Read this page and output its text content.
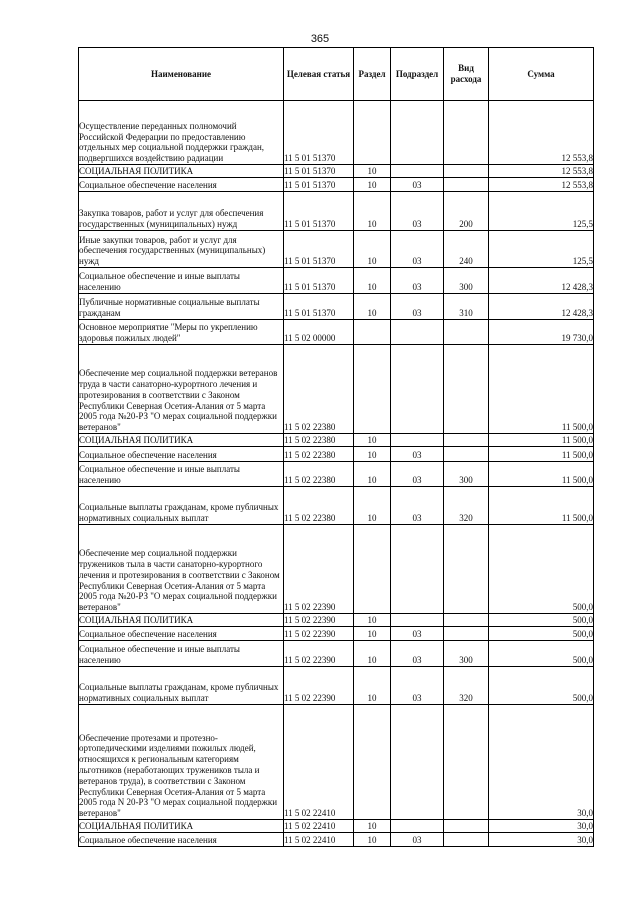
365
Наименование	Целевая статья	Раздел	Подраздел	Вид расхода	Сумма
Осуществление переданных полномочий Российской Федерации по предоставлению отдельных мер социальной поддержки граждан, подвергшихся воздействию радиации	11 5 01 51370				12 553,8
СОЦИАЛЬНАЯ ПОЛИТИКА	11 5 01 51370	10			12 553,8
Социальное обеспечение населения	11 5 01 51370	10	03		12 553,8
Закупка товаров, работ и услуг для обеспечения государственных (муниципальных) нужд	11 5 01 51370	10	03	200	125,5
Иные закупки товаров, работ и услуг для обеспечения государственных (муниципальных) нужд	11 5 01 51370	10	03	240	125,5
Социальное обеспечение и иные выплаты населению	11 5 01 51370	10	03	300	12 428,3
Публичные нормативные социальные выплаты гражданам	11 5 01 51370	10	03	310	12 428,3
Основное мероприятие "Меры по укреплению здоровья пожилых людей"	11 5 02 00000				19 730,0
Обеспечение мер социальной поддержки ветеранов труда в части санаторно-курортного лечения и протезирования в соответствии с Законом Республики Северная Осетия-Алания от 5 марта 2005 года №20-РЗ "О мерах социальной поддержки ветеранов"	11 5 02 22380				11 500,0
СОЦИАЛЬНАЯ ПОЛИТИКА	11 5 02 22380	10			11 500,0
Социальное обеспечение населения	11 5 02 22380	10	03		11 500,0
Социальное обеспечение и иные выплаты населению	11 5 02 22380	10	03	300	11 500,0
Социальные выплаты гражданам, кроме публичных нормативных социальных выплат	11 5 02 22380	10	03	320	11 500,0
Обеспечение мер социальной поддержки тружеников тыла в части санаторно-курортного лечения и протезирования в соответствии с Законом Республики Северная Осетия-Алания от 5 марта 2005 года №20-РЗ "О мерах социальной поддержки ветеранов"	11 5 02 22390				500,0
СОЦИАЛЬНАЯ ПОЛИТИКА	11 5 02 22390	10			500,0
Социальное обеспечение населения	11 5 02 22390	10	03		500,0
Социальное обеспечение и иные выплаты населению	11 5 02 22390	10	03	300	500,0
Социальные выплаты гражданам, кроме публичных нормативных социальных выплат	11 5 02 22390	10	03	320	500,0
Обеспечение протезами и протезно-ортопедическими изделиями пожилых людей, относящихся к региональным категориям льготников (неработающих тружеников тыла и ветеранов труда), в соответствии с Законом Республики Северная Осетия-Алания от 5 марта 2005 года N 20-РЗ "О мерах социальной поддержки ветеранов"	11 5 02 22410				30,0
СОЦИАЛЬНАЯ ПОЛИТИКА	11 5 02 22410	10			30,0
Социальное обеспечение населения	11 5 02 22410	10	03		30,0
